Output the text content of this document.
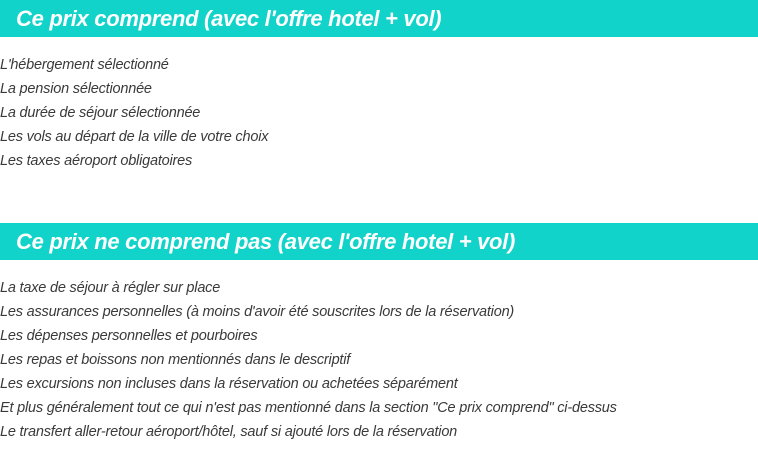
Ce prix comprend (avec l'offre hotel + vol)
L'hébergement sélectionné
La pension sélectionnée
La durée de séjour sélectionnée
Les vols au départ de la ville de votre choix
Les taxes aéroport obligatoires
Ce prix ne comprend pas (avec l'offre hotel + vol)
La taxe de séjour à régler sur place
Les assurances personnelles (à moins d'avoir été souscrites lors de la réservation)
Les dépenses personnelles et pourboires
Les repas et boissons non mentionnés dans le descriptif
Les excursions non incluses dans la réservation ou achetées séparément
Et plus généralement tout ce qui n'est pas mentionné dans la section "Ce prix comprend" ci-dessus
Le transfert aller-retour aéroport/hôtel, sauf si ajouté lors de la réservation
